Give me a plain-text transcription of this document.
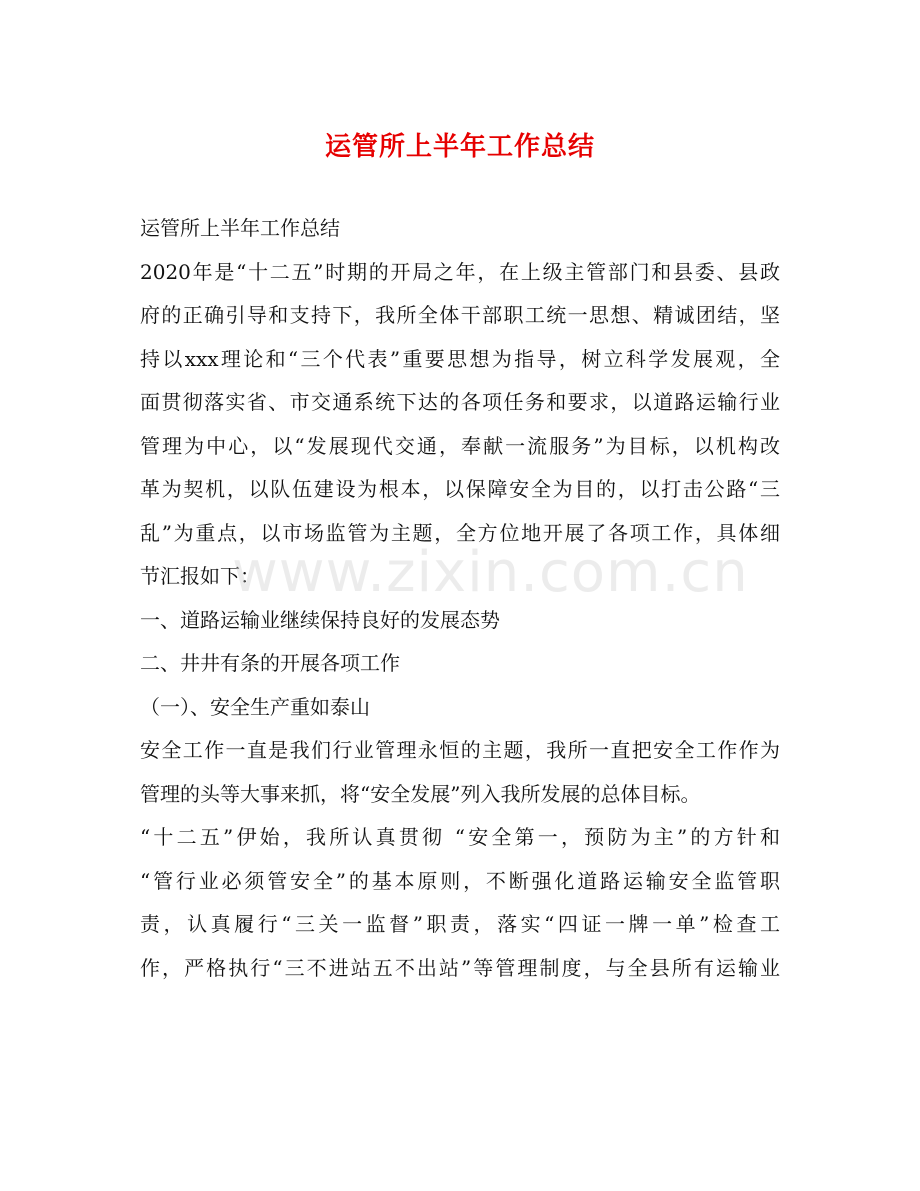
运管所上半年工作总结
运管所上半年工作总结
2020年是“十二五”时期的开局之年，在上级主管部门和县委、县政
府的正确引导和支持下，我所全体干部职工统一思想、精诚团结，坚
持以xxx理论和“三个代表”重要思想为指导，树立科学发展观，全
面贯彻落实省、市交通系统下达的各项任务和要求，以道路运输行业
管理为中心，以“发展现代交通，奉献一流服务”为目标，以机构改
革为契机，以队伍建设为根本，以保障安全为目的，以打击公路“三
乱”为重点，以市场监管为主题，全方位地开展了各项工作，具体细
节汇报如下：
一、道路运输业继续保持良好的发展态势
二、井井有条的开展各项工作
（一）、安全生产重如泰山
安全工作一直是我们行业管理永恒的主题，我所一直把安全工作作为
管理的头等大事来抓，将“安全发展”列入我所发展的总体目标。
“十二五”伊始，我所认真贯彻 “安全第一，预防为主”的方针和
“管行业必须管安全”的基本原则，不断强化道路运输安全监管职
责，认真履行“三关一监督”职责，落实“四证一牌一单”检查工
作，严格执行“三不进站五不出站”等管理制度，与全县所有运输业
www.zixin.com.cn
